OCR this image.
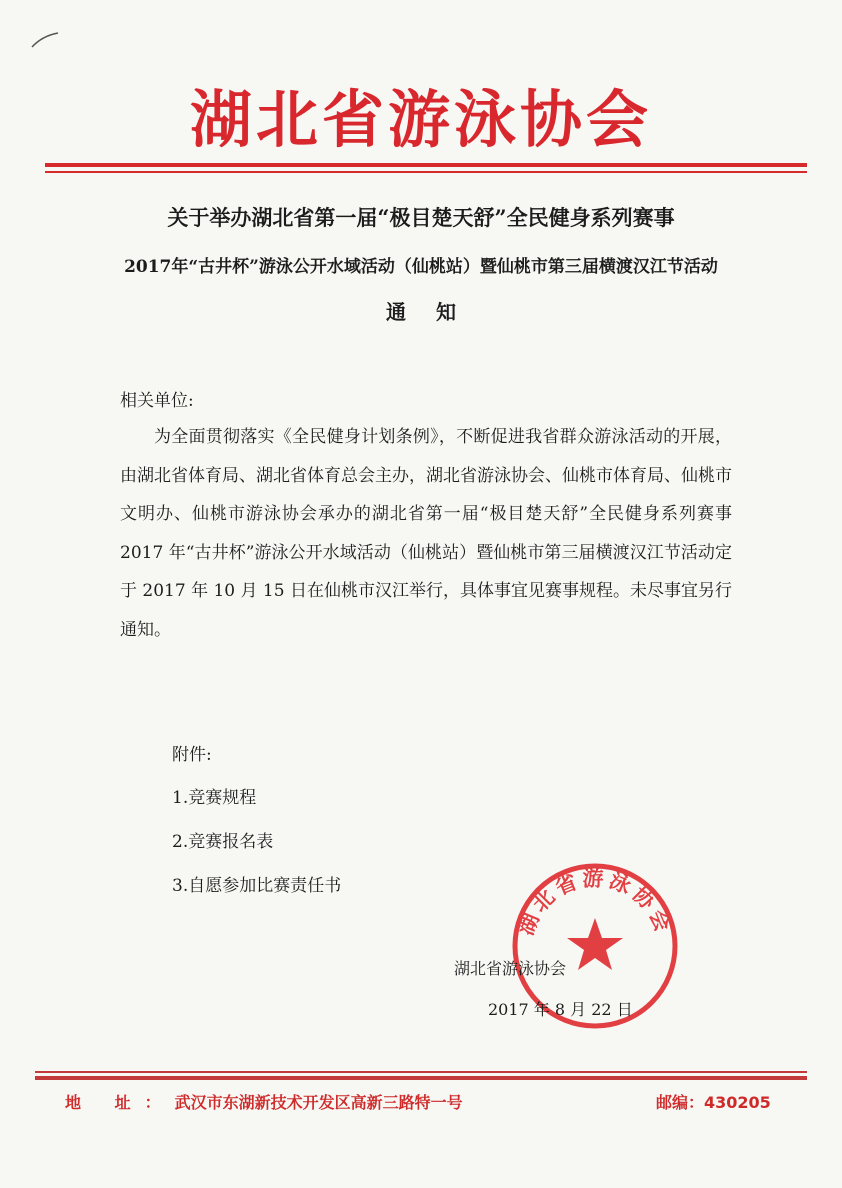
湖北省游泳协会
关于举办湖北省第一届“极目楚天舒”全民健身系列赛事
2017年“古井杯”游泳公开水域活动（仙桃站）暨仙桃市第三届横渡汉江节活动
通知
相关单位:
为全面贯彻落实《全民健身计划条例》，不断促进我省群众游泳活动的开展，由湖北省体育局、湖北省体育总会主办，湖北省游泳协会、仙桃市体育局、仙桃市文明办、仙桃市游泳协会承办的湖北省第一届“极目楚天舒”全民健身系列赛事 2017 年“古井杯”游泳公开水域活动（仙桃站）暨仙桃市第三届横渡汉江节活动定于 2017 年 10 月 15 日在仙桃市汉江举行，具体事宜见赛事规程。未尽事宜另行通知。
附件:
1.竞赛规程
2.竞赛报名表
3.自愿参加比赛责任书
湖北省游泳协会
湖北省游泳协会
2017 年 8 月 22 日
地 址：武汉市东湖新技术开发区高新三路特一号	邮编：430205
